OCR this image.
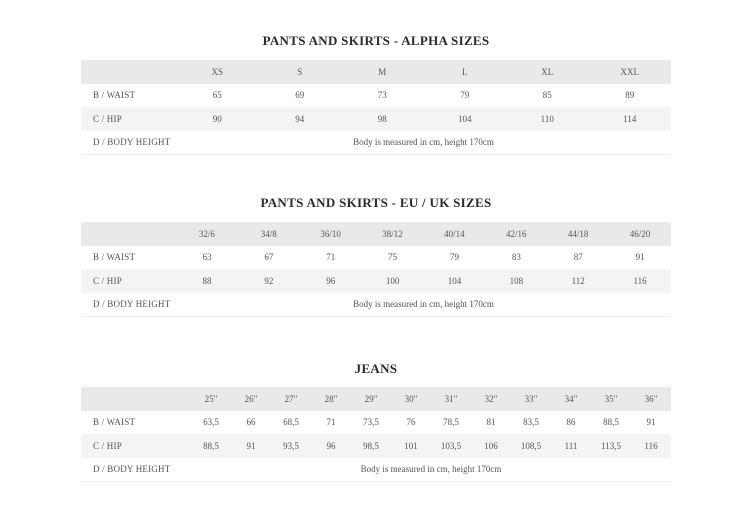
PANTS AND SKIRTS - ALPHA SIZES
	XS	S	M	L	XL	XXL
B / WAIST	65	69	73	79	85	89
C / HIP	90	94	98	104	110	114
D / BODY HEIGHT	Body is measured in cm, height 170cm					
PANTS AND SKIRTS - EU / UK SIZES
	32/6	34/8	36/10	38/12	40/14	42/16	44/18	46/20
B / WAIST	63	67	71	75	79	83	87	91
C / HIP	88	92	96	100	104	108	112	116
D / BODY HEIGHT	Body is measured in cm, height 170cm							
JEANS
	25"	26"	27"	28"	29"	30"	31"	32"	33"	34"	35"	36"
B / WAIST	63,5	66	68,5	71	73,5	76	78,5	81	83,5	86	88,5	91
C / HIP	88,5	91	93,5	96	98,5	101	103,5	106	108,5	111	113,5	116
D / BODY HEIGHT	Body is measured in cm, height 170cm											
